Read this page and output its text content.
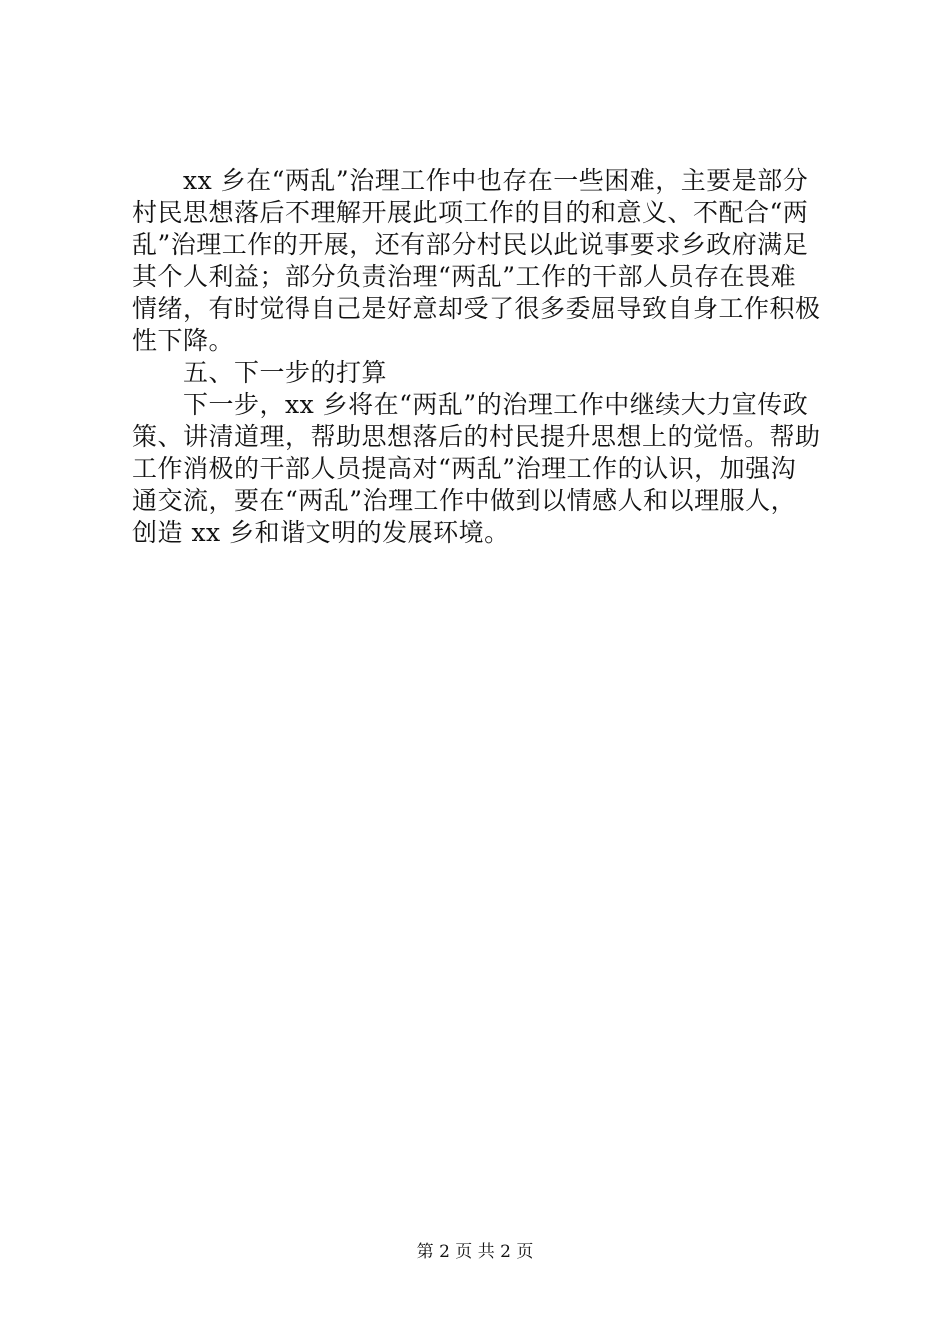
　　xx 乡在“两乱”治理工作中也存在一些困难，主要是部分
村民思想落后不理解开展此项工作的目的和意义、不配合“两
乱”治理工作的开展，还有部分村民以此说事要求乡政府满足
其个人利益；部分负责治理“两乱”工作的干部人员存在畏难
情绪，有时觉得自己是好意却受了很多委屈导致自身工作积极
性下降。
　　五、下一步的打算
　　下一步，xx 乡将在“两乱”的治理工作中继续大力宣传政
策、讲清道理，帮助思想落后的村民提升思想上的觉悟。帮助
工作消极的干部人员提高对“两乱”治理工作的认识，加强沟
通交流，要在“两乱”治理工作中做到以情感人和以理服人，
创造 xx 乡和谐文明的发展环境。
第 2 页 共 2 页
